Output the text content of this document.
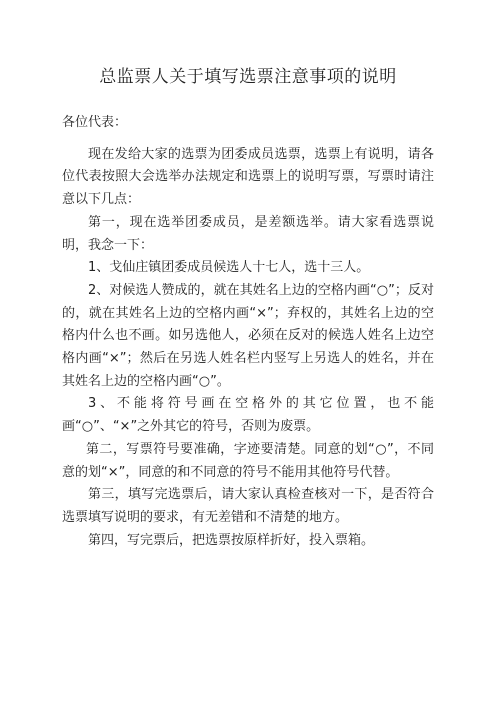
总监票人关于填写选票注意事项的说明

各位代表：

现在发给大家的选票为团委成员选票，选票上有说明，请各位代表按照大会选举办法规定和选票上的说明写票，写票时请注意以下几点：

第一，现在选举团委成员，是差额选举。请大家看选票说明，我念一下：

1、戈仙庄镇团委成员候选人十七人，选十三人。

2、对候选人赞成的，就在其姓名上边的空格内画“○”；反对的，就在其姓名上边的空格内画“×”；弃权的，其姓名上边的空格内什么也不画。如另选他人，必须在反对的候选人姓名上边空格内画“×”；然后在另选人姓名栏内竖写上另选人的姓名，并在其姓名上边的空格内画“○”。

3、不能将符号画在空格外的其它位置，也不能画“○”、“×”之外其它的符号，否则为废票。

第二，写票符号要准确，字迹要清楚。同意的划“○”，不同意的划“×”，同意的和不同意的符号不能用其他符号代替。

第三，填写完选票后，请大家认真检查核对一下，是否符合选票填写说明的要求，有无差错和不清楚的地方。

第四，写完票后，把选票按原样折好，投入票箱。
